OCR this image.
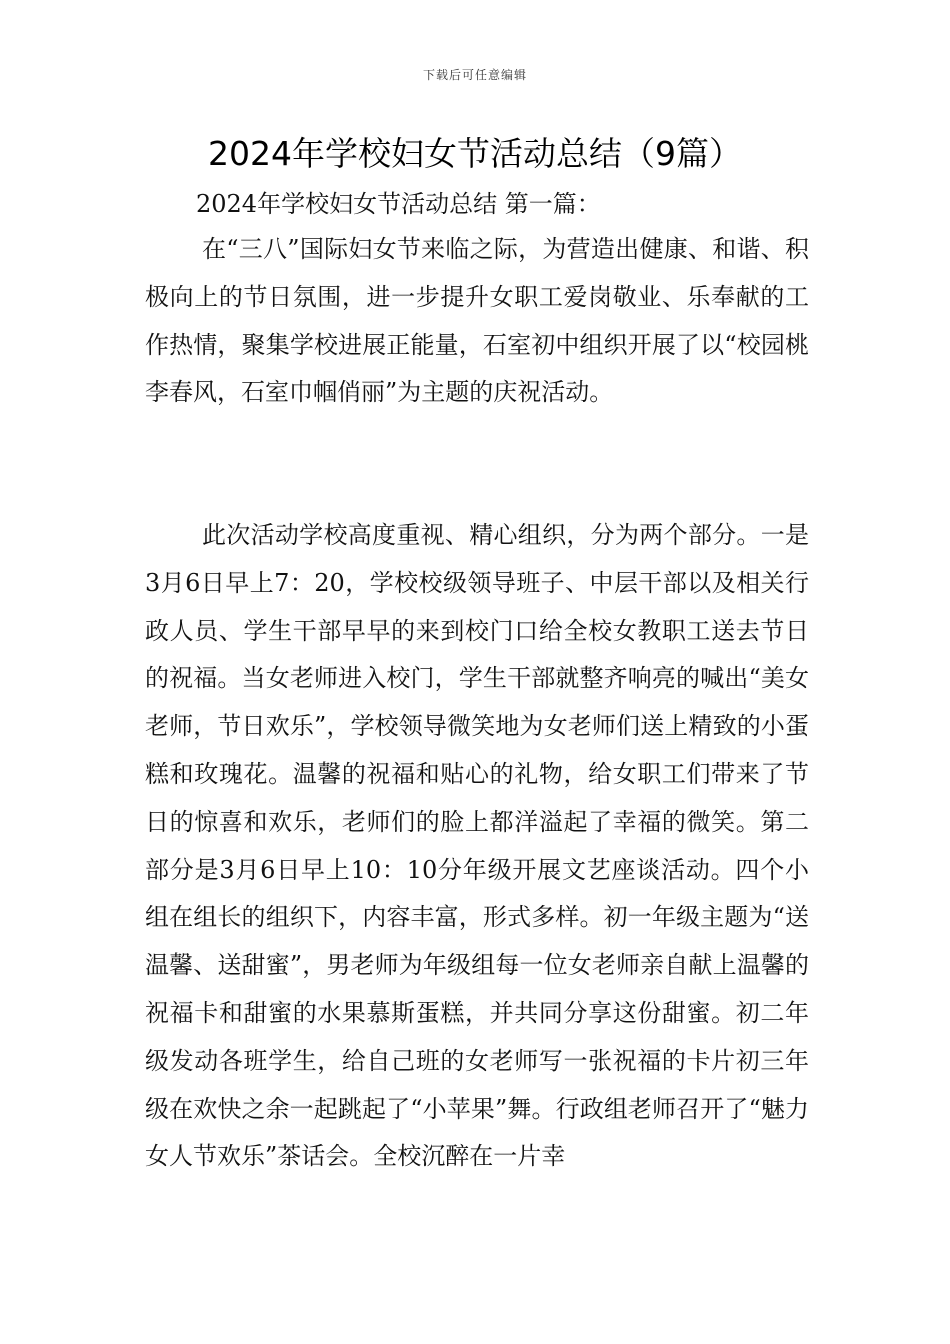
下载后可任意编辑
2024年学校妇女节活动总结（9篇）

2024年学校妇女节活动总结 第一篇：

在“三八”国际妇女节来临之际，为营造出健康、和谐、积极向上的节日氛围，进一步提升女职工爱岗敬业、乐奉献的工作热情，聚集学校进展正能量，石室初中组织开展了以“校园桃李春风，石室巾帼俏丽”为主题的庆祝活动。

此次活动学校高度重视、精心组织，分为两个部分。一是3月6日早上7：20，学校校级领导班子、中层干部以及相关行政人员、学生干部早早的来到校门口给全校女教职工送去节日的祝福。当女老师进入校门，学生干部就整齐响亮的喊出“美女老师，节日欢乐”，学校领导微笑地为女老师们送上精致的小蛋糕和玫瑰花。温馨的祝福和贴心的礼物，给女职工们带来了节日的惊喜和欢乐，老师们的脸上都洋溢起了幸福的微笑。第二部分是3月6日早上10：10分年级开展文艺座谈活动。四个小组在组长的组织下，内容丰富，形式多样。初一年级主题为“送温馨、送甜蜜”，男老师为年级组每一位女老师亲自献上温馨的祝福卡和甜蜜的水果慕斯蛋糕，并共同分享这份甜蜜。初二年级发动各班学生，给自己班的女老师写一张祝福的卡片初三年级在欢快之余一起跳起了“小苹果”舞。行政组老师召开了“魅力女人节欢乐”茶话会。全校沉醉在一片幸
